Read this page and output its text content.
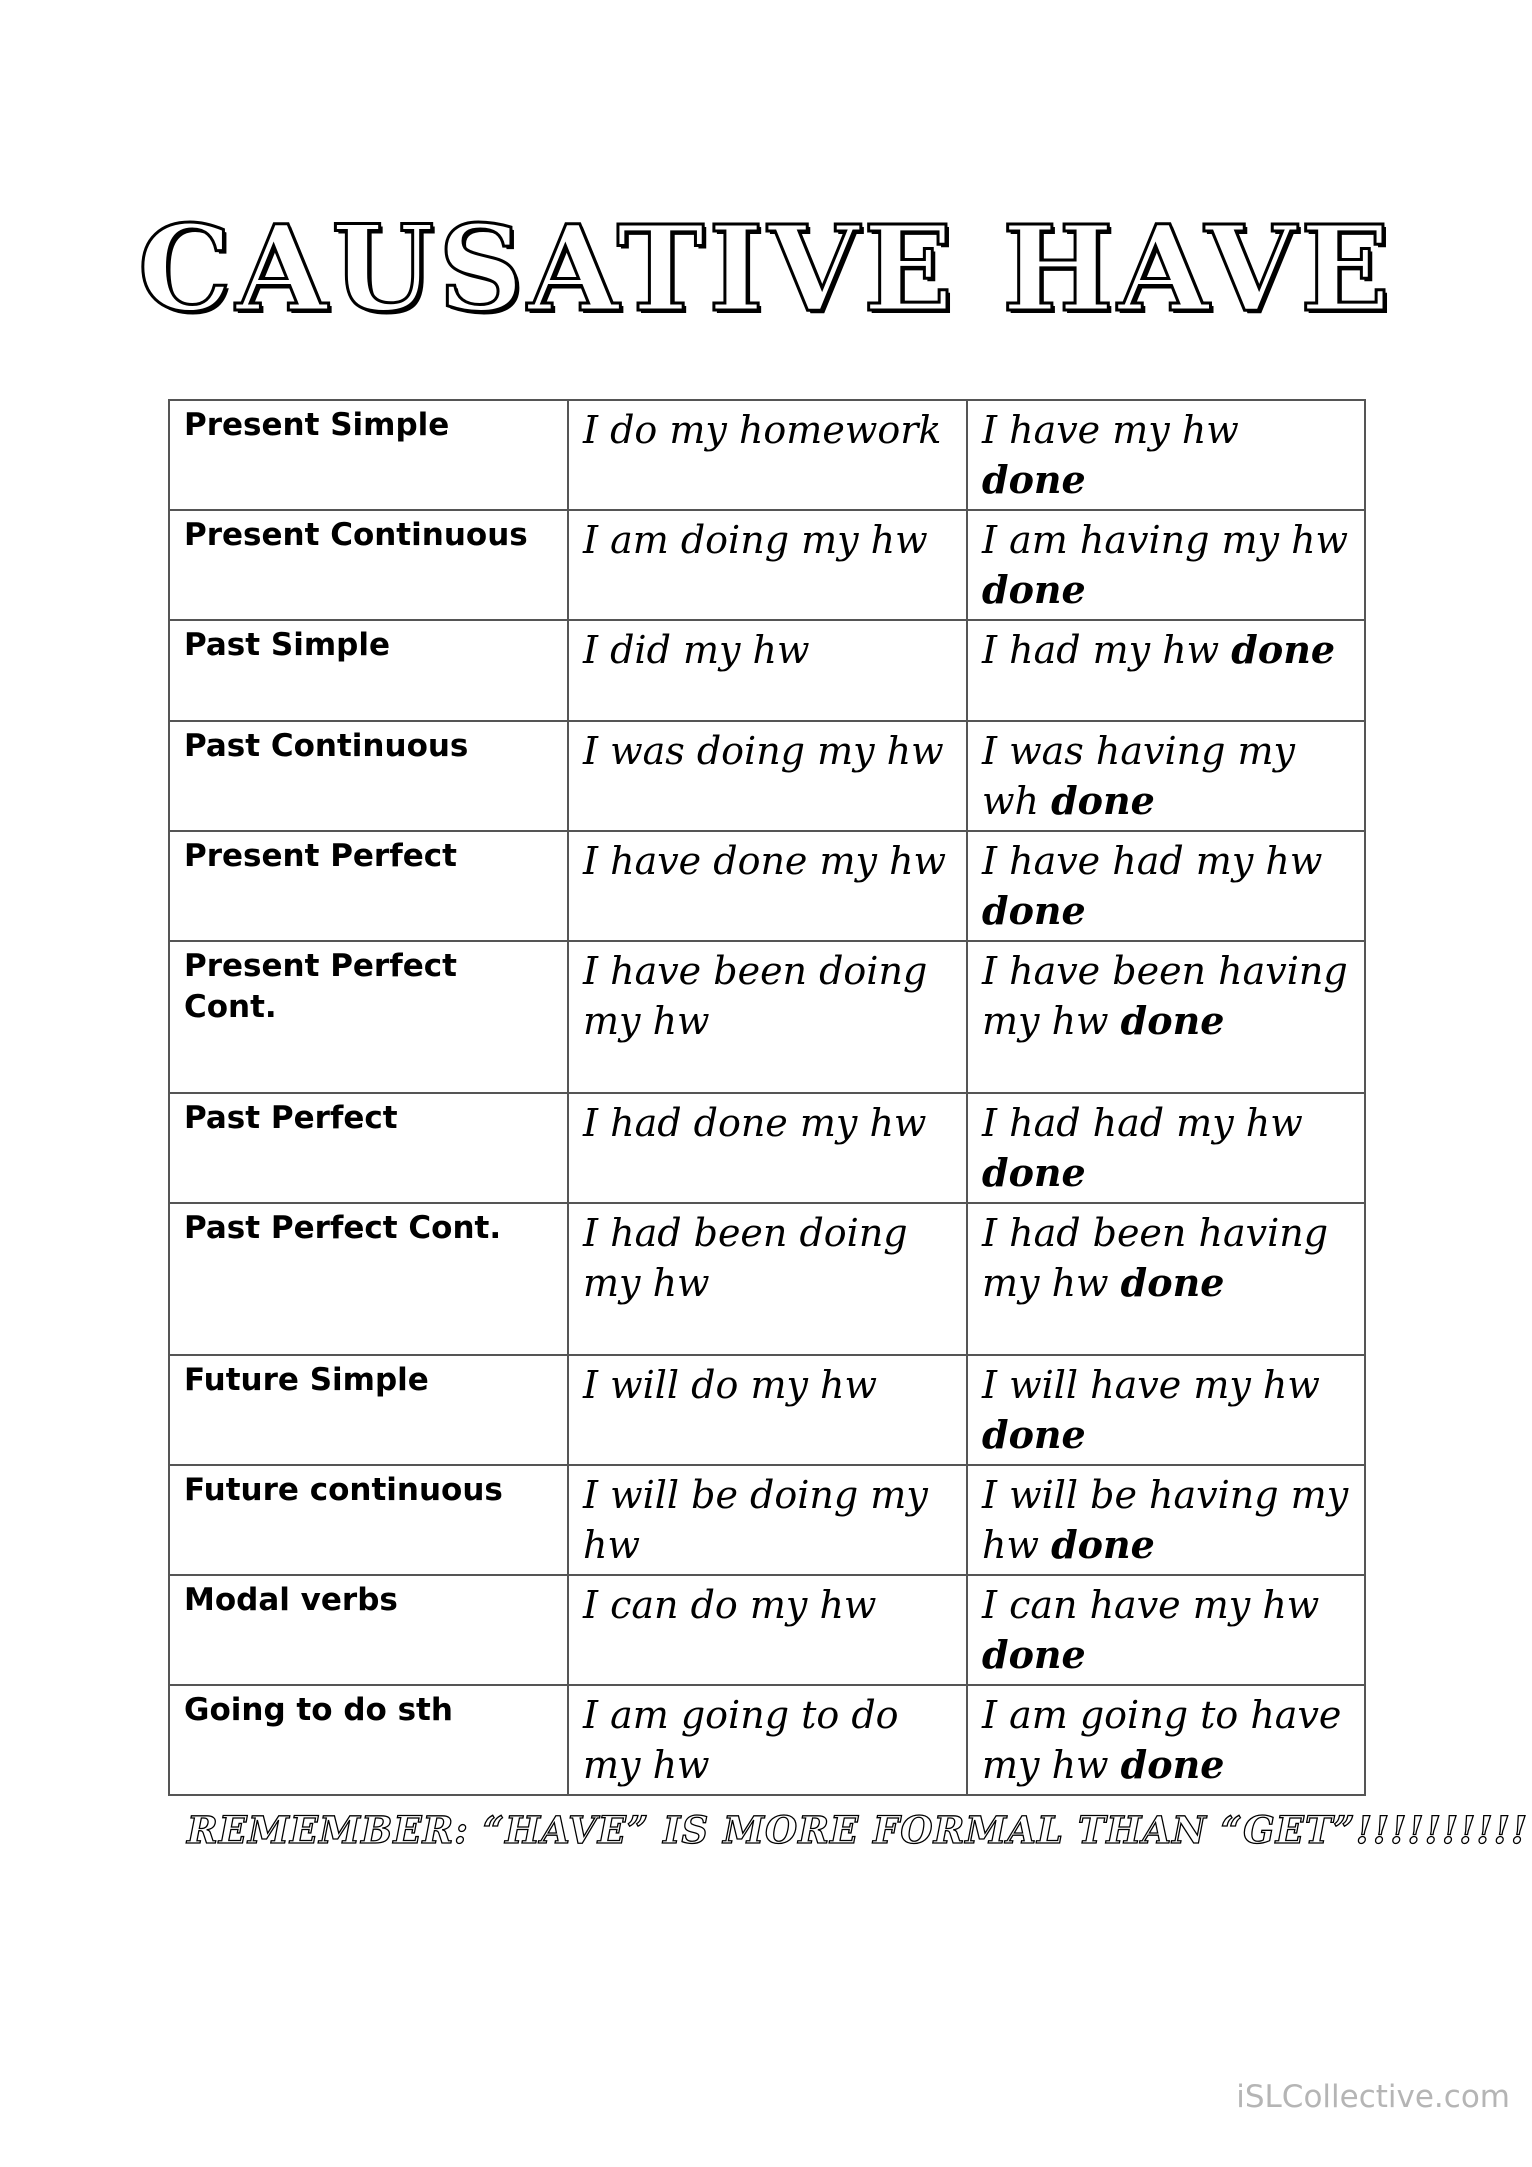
CAUSATIVE HAVE
Present Simple	I do my homework	I have my hw done
Present Continuous	I am doing my hw	I am having my hw done
Past Simple	I did my hw	I had my hw done
Past Continuous	I was doing my hw	I was having my wh done
Present Perfect	I have done my hw	I have had my hw done
Present Perfect Cont.	I have been doing my hw	I have been having my hw done
Past Perfect	I had done my hw	I had had my hw done
Past Perfect Cont.	I had been doing my hw	I had been having my hw done
Future Simple	I will do my hw	I will have my hw done
Future continuous	I will be doing my hw	I will be having my hw done
Modal verbs	I can do my hw	I can have my hw done
Going to do sth	I am going to do my hw	I am going to have my hw done
REMEMBER: “HAVE” IS MORE FORMAL THAN “GET”!!!!!!!!!!
iSLCollective.com
